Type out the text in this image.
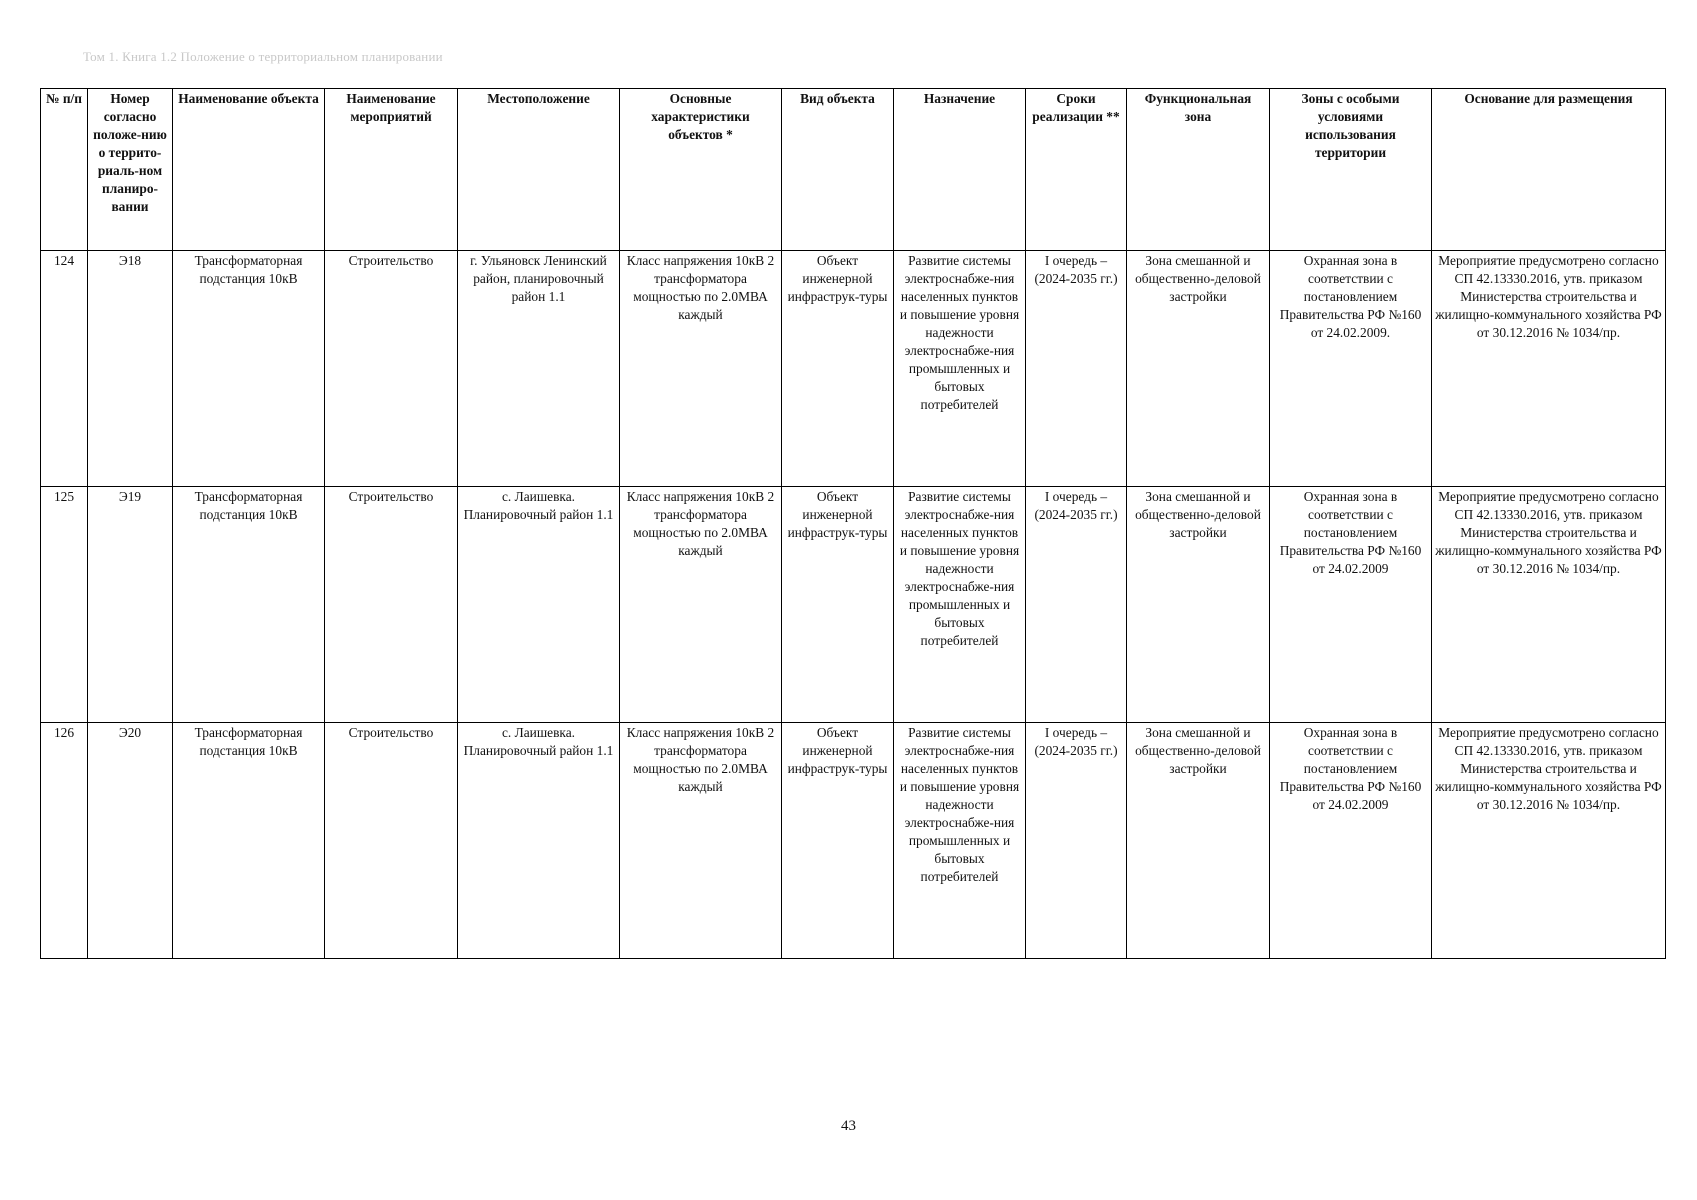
Том 1. Книга 1.2 Положение о территориальном планировании
№ п/п	Номер согласно положе-нию о террито-риаль-ном планиро-вании	Наименование объекта	Наименование мероприятий	Местоположение	Основные характеристики объектов *	Вид объекта	Назначение	Сроки реализации **	Функциональная зона	Зоны с особыми условиями использования территории	Основание для размещения
124	Э18	Трансформаторная подстанция 10кВ	Строительство	г. Ульяновск Ленинский район, планировочный район 1.1	Класс напряжения 10кВ 2 трансформатора мощностью по 2.0МВА каждый	Объект инженерной инфраструк-туры	Развитие системы электроснабже-ния населенных пунктов и повышение уровня надежности электроснабже-ния промышленных и бытовых потребителей	I очередь – (2024-2035 гг.)	Зона смешанной и общественно-деловой застройки	Охранная зона в соответствии с постановлением Правительства РФ №160 от 24.02.2009.	Мероприятие предусмотрено согласно СП 42.13330.2016, утв. приказом Министерства строительства и жилищно-коммунального хозяйства РФ от 30.12.2016 № 1034/пр.
125	Э19	Трансформаторная подстанция 10кВ	Строительство	с. Лаишевка. Планировочный район 1.1	Класс напряжения 10кВ 2 трансформатора мощностью по 2.0МВА каждый	Объект инженерной инфраструк-туры	Развитие системы электроснабже-ния населенных пунктов и повышение уровня надежности электроснабже-ния промышленных и бытовых потребителей	I очередь – (2024-2035 гг.)	Зона смешанной и общественно-деловой застройки	Охранная зона в соответствии с постановлением Правительства РФ №160 от 24.02.2009	Мероприятие предусмотрено согласно СП 42.13330.2016, утв. приказом Министерства строительства и жилищно-коммунального хозяйства РФ от 30.12.2016 № 1034/пр.
126	Э20	Трансформаторная подстанция 10кВ	Строительство	с. Лаишевка. Планировочный район 1.1	Класс напряжения 10кВ 2 трансформатора мощностью по 2.0МВА каждый	Объект инженерной инфраструк-туры	Развитие системы электроснабже-ния населенных пунктов и повышение уровня надежности электроснабже-ния промышленных и бытовых потребителей	I очередь – (2024-2035 гг.)	Зона смешанной и общественно-деловой застройки	Охранная зона в соответствии с постановлением Правительства РФ №160 от 24.02.2009	Мероприятие предусмотрено согласно СП 42.13330.2016, утв. приказом Министерства строительства и жилищно-коммунального хозяйства РФ от 30.12.2016 № 1034/пр.
43
